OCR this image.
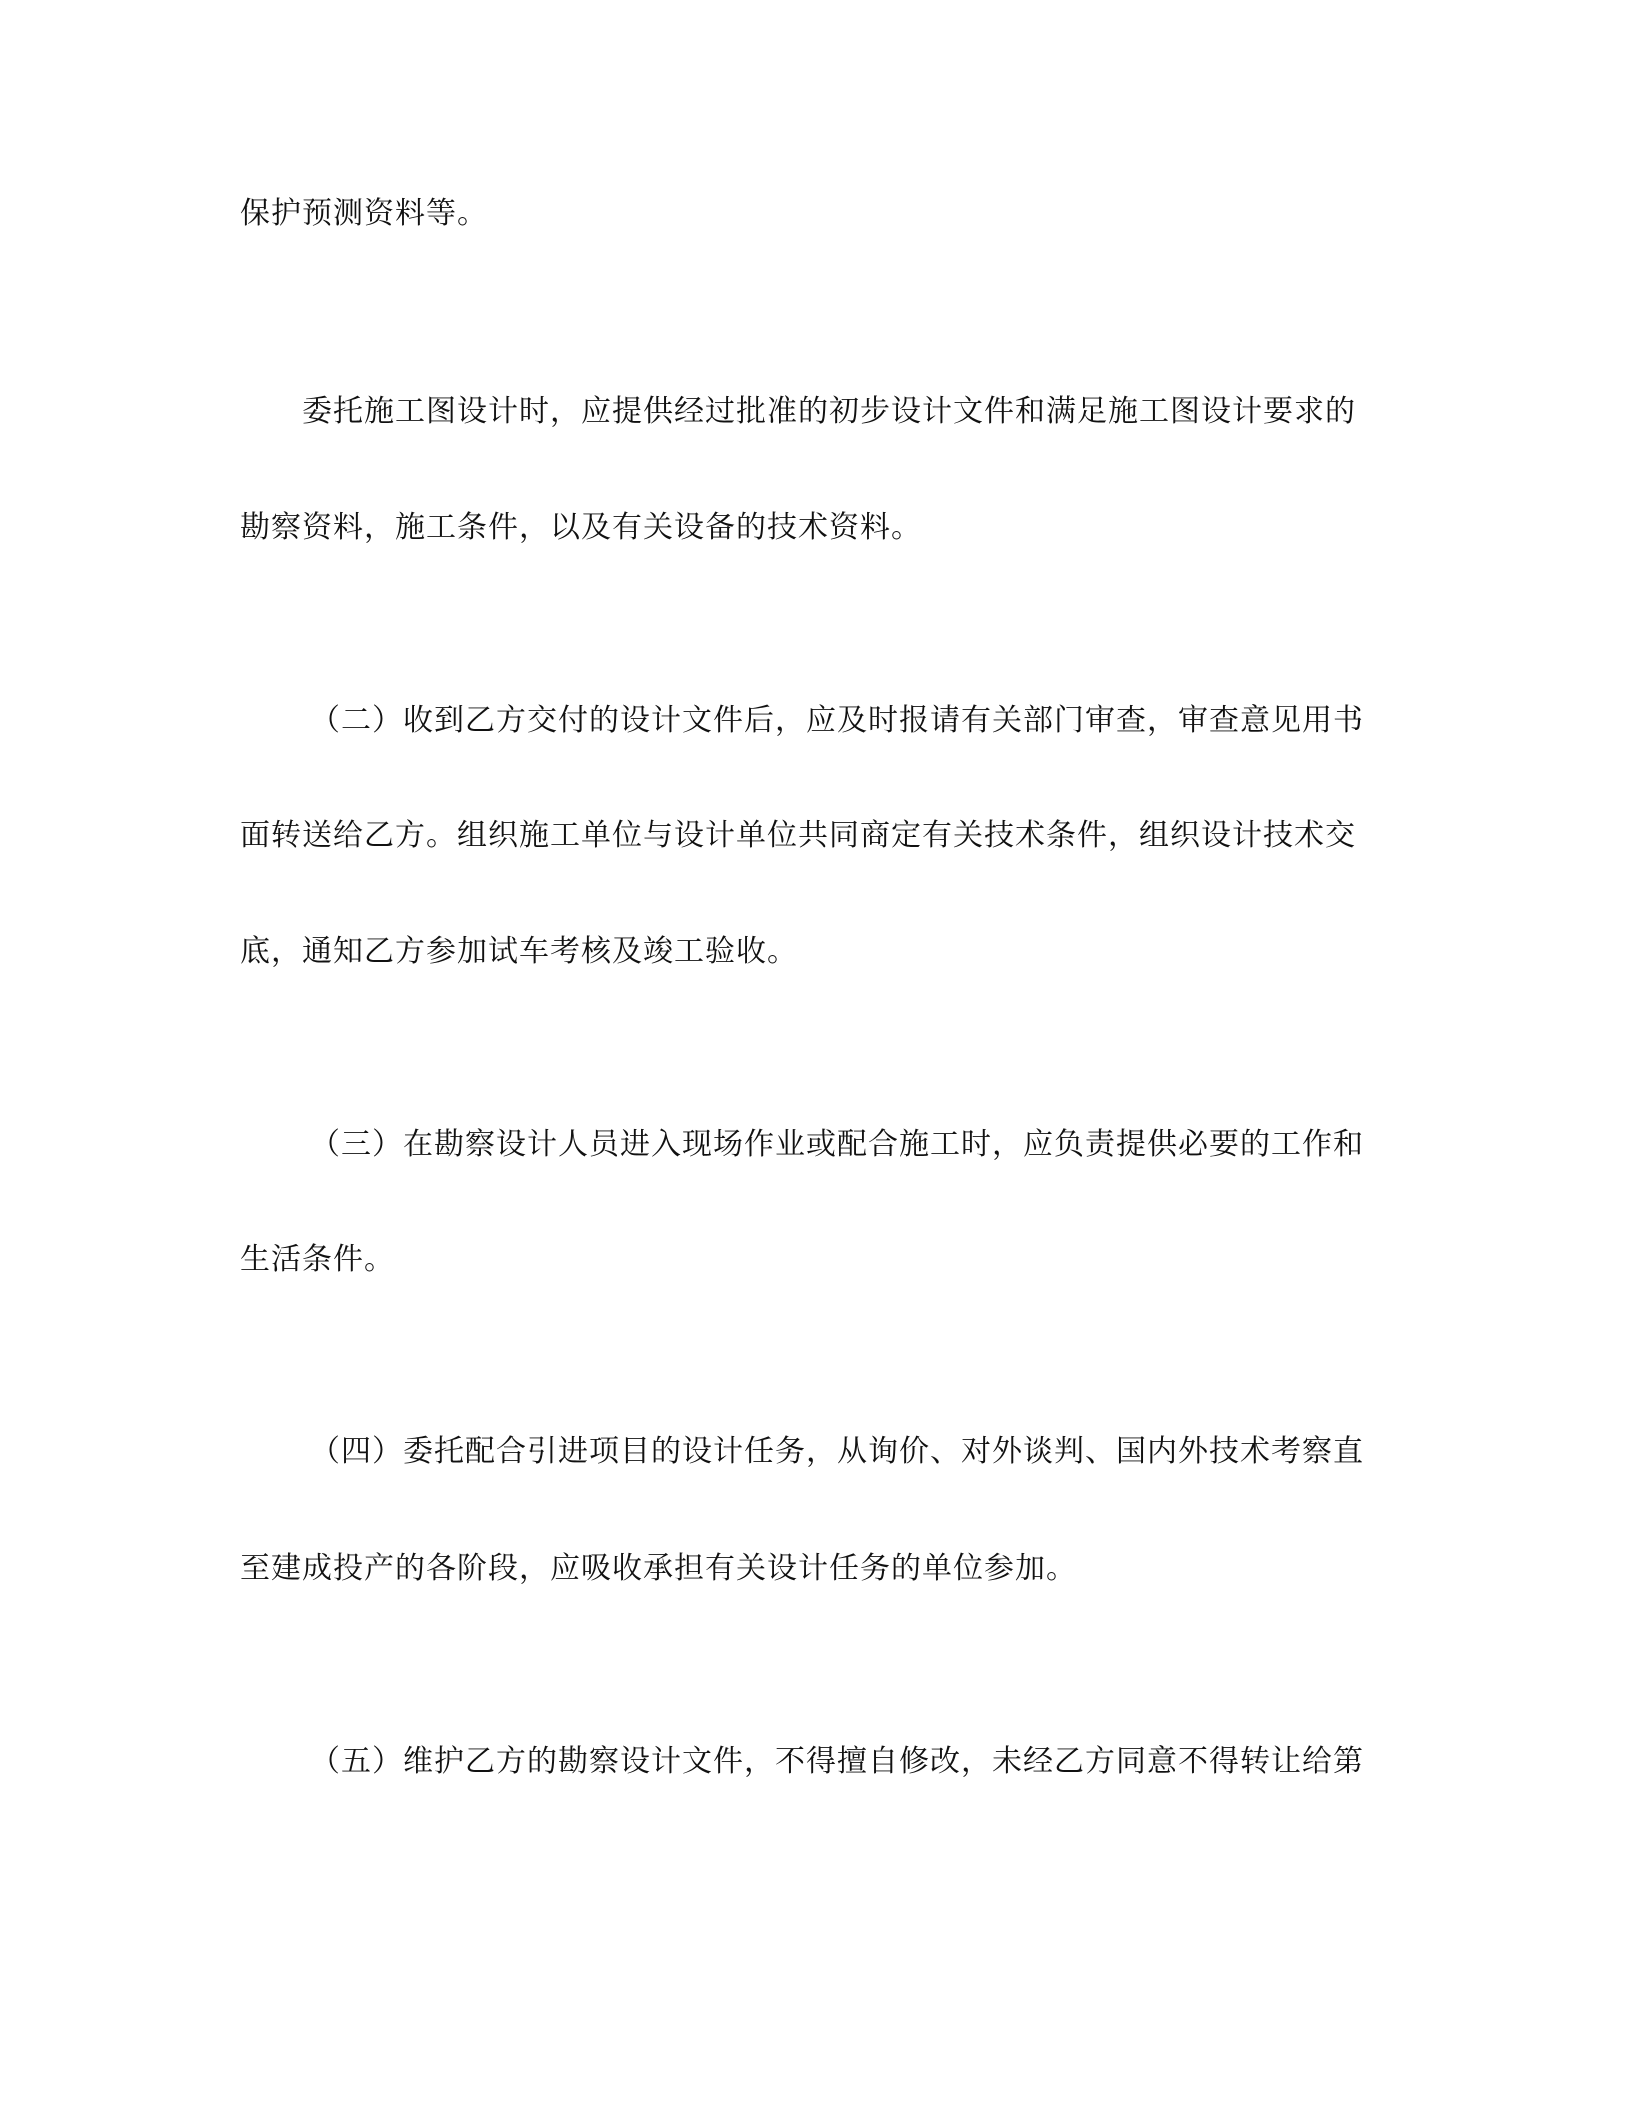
保护预测资料等。
委托施工图设计时，应提供经过批准的初步设计文件和满足施工图设计要求的
勘察资料，施工条件，以及有关设备的技术资料。
（二）收到乙方交付的设计文件后，应及时报请有关部门审查，审查意见用书
面转送给乙方。组织施工单位与设计单位共同商定有关技术条件，组织设计技术交
底，通知乙方参加试车考核及竣工验收。
（三）在勘察设计人员进入现场作业或配合施工时，应负责提供必要的工作和
生活条件。
（四）委托配合引进项目的设计任务，从询价、对外谈判、国内外技术考察直
至建成投产的各阶段，应吸收承担有关设计任务的单位参加。
（五）维护乙方的勘察设计文件，不得擅自修改，未经乙方同意不得转让给第
